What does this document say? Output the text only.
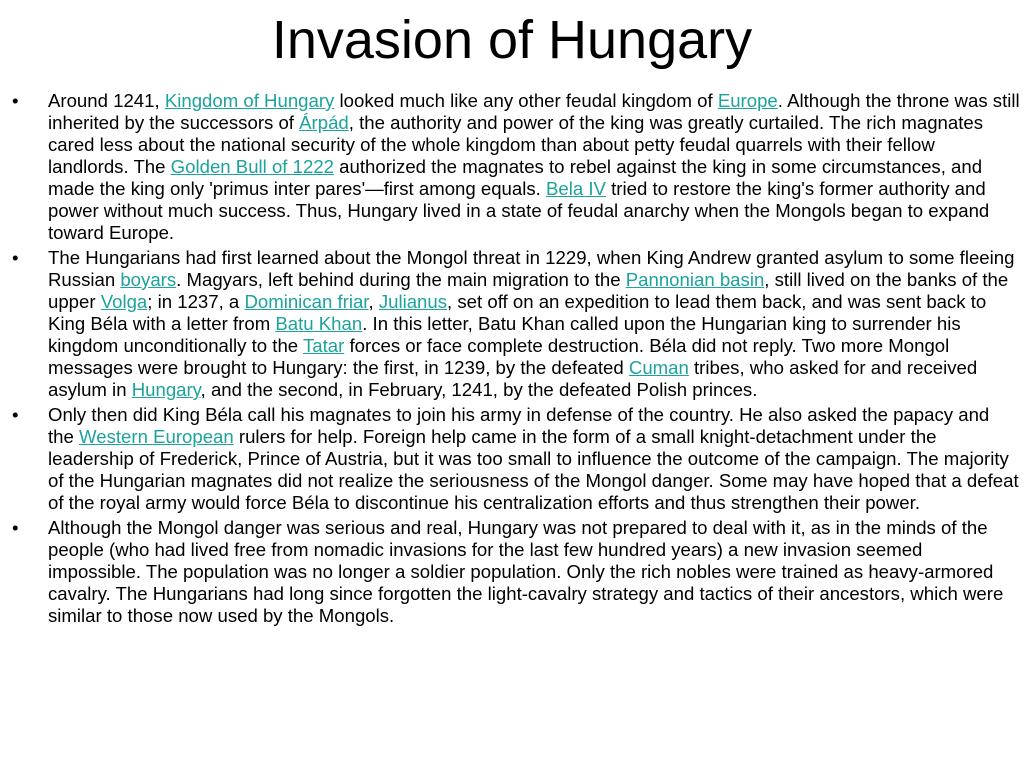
Invasion of Hungary
• Around 1241, Kingdom of Hungary looked much like any other feudal kingdom of Europe. Although the throne was still inherited by the successors of Árpád, the authority and power of the king was greatly curtailed. The rich magnates cared less about the national security of the whole kingdom than about petty feudal quarrels with their fellow landlords. The Golden Bull of 1222 authorized the magnates to rebel against the king in some circumstances, and made the king only 'primus inter pares'—first among equals. Bela IV tried to restore the king's former authority and power without much success. Thus, Hungary lived in a state of feudal anarchy when the Mongols began to expand toward Europe.
• The Hungarians had first learned about the Mongol threat in 1229, when King Andrew granted asylum to some fleeing Russian boyars. Magyars, left behind during the main migration to the Pannonian basin, still lived on the banks of the upper Volga; in 1237, a Dominican friar, Julianus, set off on an expedition to lead them back, and was sent back to King Béla with a letter from Batu Khan. In this letter, Batu Khan called upon the Hungarian king to surrender his kingdom unconditionally to the Tatar forces or face complete destruction. Béla did not reply. Two more Mongol messages were brought to Hungary: the first, in 1239, by the defeated Cuman tribes, who asked for and received asylum in Hungary, and the second, in February, 1241, by the defeated Polish princes.
• Only then did King Béla call his magnates to join his army in defense of the country. He also asked the papacy and the Western European rulers for help. Foreign help came in the form of a small knight-detachment under the leadership of Frederick, Prince of Austria, but it was too small to influence the outcome of the campaign. The majority of the Hungarian magnates did not realize the seriousness of the Mongol danger. Some may have hoped that a defeat of the royal army would force Béla to discontinue his centralization efforts and thus strengthen their power.
• Although the Mongol danger was serious and real, Hungary was not prepared to deal with it, as in the minds of the people (who had lived free from nomadic invasions for the last few hundred years) a new invasion seemed impossible. The population was no longer a soldier population. Only the rich nobles were trained as heavy-armored cavalry. The Hungarians had long since forgotten the light-cavalry strategy and tactics of their ancestors, which were similar to those now used by the Mongols.
